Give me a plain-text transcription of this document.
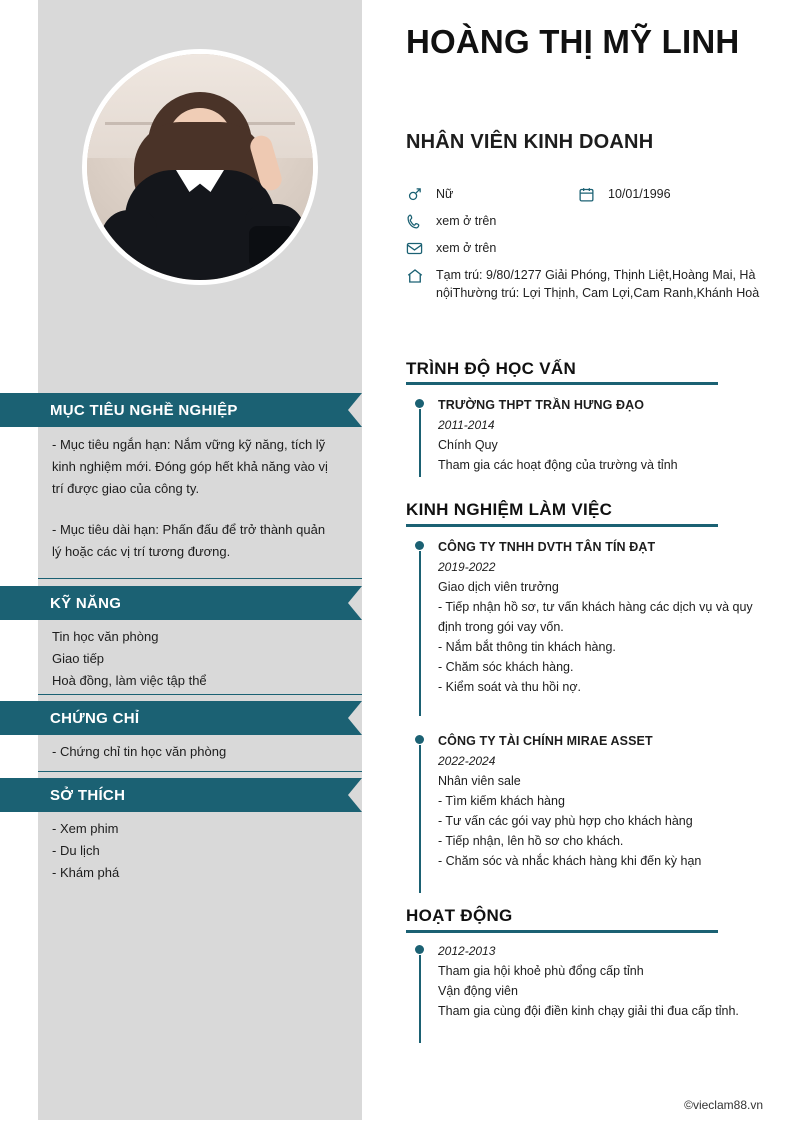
MỤC TIÊU NGHỀ NGHIỆP
- Mục tiêu ngắn hạn: Nắm vững kỹ năng, tích lỹ kinh nghiệm mới. Đóng góp hết khả năng vào vị trí được giao của công ty.
- Mục tiêu dài hạn: Phấn đấu để trở thành quản lý hoặc các vị trí tương đương.
KỸ NĂNG
Tin học văn phòng
Giao tiếp
Hoà đồng, làm việc tập thể
CHỨNG CHỈ
- Chứng chỉ tin học văn phòng
SỞ THÍCH
- Xem phim
- Du lịch
- Khám phá
HOÀNG THỊ MỸ LINH
NHÂN VIÊN KINH DOANH
Nữ	10/01/1996
xem ở trên
xem ở trên
Tạm trú: 9/80/1277 Giải Phóng, Thịnh Liệt,Hoàng Mai, Hà nộiThường trú: Lợi Thịnh, Cam Lợi,Cam Ranh,Khánh Hoà
TRÌNH ĐỘ HỌC VẤN
TRƯỜNG THPT TRẦN HƯNG ĐẠO
2011-2014
Chính Quy
Tham gia các hoạt động của trường và tỉnh
KINH NGHIỆM LÀM VIỆC
CÔNG TY TNHH DVTH TÂN TÍN ĐẠT
2019-2022
Giao dịch viên trưởng
- Tiếp nhận hồ sơ, tư vấn khách hàng các dịch vụ và quy định trong gói vay vốn.
- Nắm bắt thông tin khách hàng.
- Chăm sóc khách hàng.
- Kiểm soát và thu hồi nợ.
CÔNG TY TÀI CHÍNH MIRAE ASSET
2022-2024
Nhân viên sale
- Tìm kiếm khách hàng
- Tư vấn các gói vay phù hợp cho khách hàng
- Tiếp nhận, lên hồ sơ cho khách.
- Chăm sóc và nhắc khách hàng khi đến kỳ hạn
HOẠT ĐỘNG
2012-2013
Tham gia hội khoẻ phù đổng cấp tỉnh
Vận động viên
Tham gia cùng đội điền kinh chạy giải thi đua cấp tỉnh.
©vieclam88.vn
